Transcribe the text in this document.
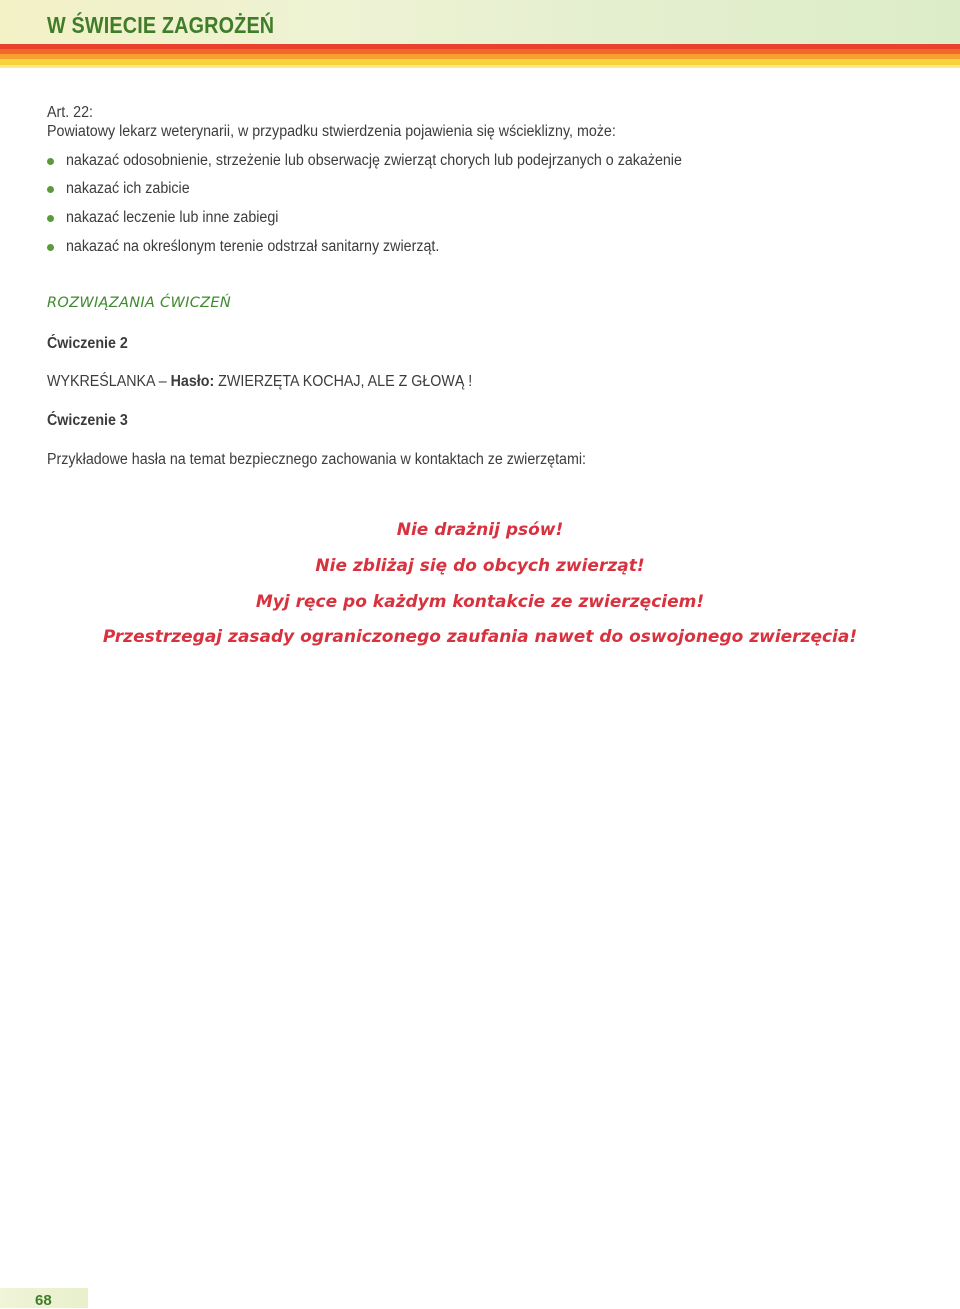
W ŚWIECIE ZAGROŻEŃ
Art. 22:
Powiatowy lekarz weterynarii, w przypadku stwierdzenia pojawienia się wścieklizny, może:
nakazać odosobnienie, strzeżenie lub obserwację zwierząt chorych lub podejrzanych o zakażenie
nakazać ich zabicie
nakazać leczenie lub inne zabiegi
nakazać na określonym terenie odstrzał sanitarny zwierząt.
ROZWIĄZANIA ĆWICZEŃ
Ćwiczenie 2
WYKREŚLANKA – Hasło: ZWIERZĘTA KOCHAJ, ALE Z GŁOWĄ !
Ćwiczenie 3
Przykładowe hasła na temat bezpiecznego zachowania w kontaktach ze zwierzętami:
Nie drażnij psów!
Nie zbliżaj się do obcych zwierząt!
Myj ręce po każdym kontakcie ze zwierzęciem!
Przestrzegaj zasady ograniczonego zaufania nawet do oswojonego zwierzęcia!
68
